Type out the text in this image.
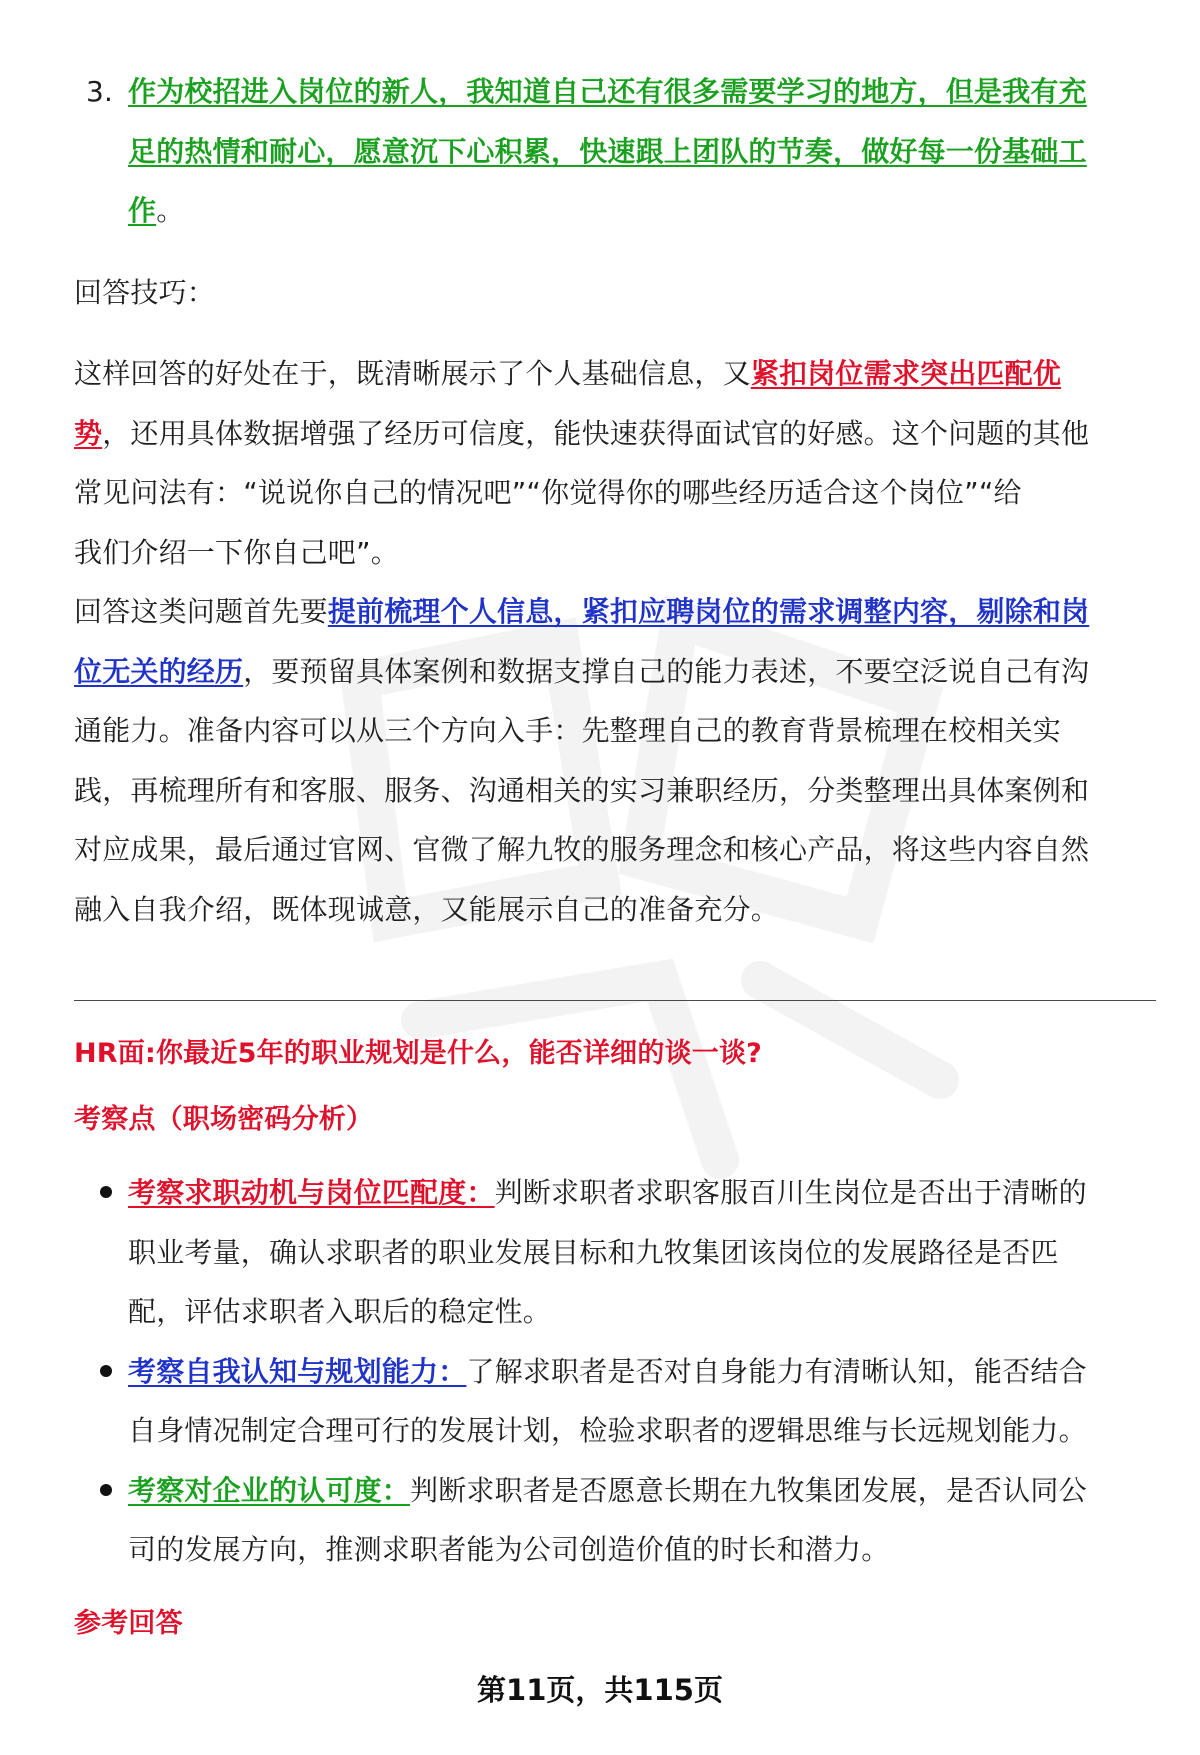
3. 作为校招进入岗位的新人，我知道自己还有很多需要学习的地方，但是我有充
足的热情和耐心，愿意沉下心积累，快速跟上团队的节奏，做好每一份基础工
作。
回答技巧：
这样回答的好处在于，既清晰展示了个人基础信息，又紧扣岗位需求突出匹配优
势，还用具体数据增强了经历可信度，能快速获得面试官的好感。这个问题的其他
常见问法有：“说说你自己的情况吧”“你觉得你的哪些经历适合这个岗位”“给
我们介绍一下你自己吧”。
回答这类问题首先要提前梳理个人信息，紧扣应聘岗位的需求调整内容，剔除和岗
位无关的经历，要预留具体案例和数据支撑自己的能力表述，不要空泛说自己有沟
通能力。准备内容可以从三个方向入手：先整理自己的教育背景梳理在校相关实
践，再梳理所有和客服、服务、沟通相关的实习兼职经历，分类整理出具体案例和
对应成果，最后通过官网、官微了解九牧的服务理念和核心产品，将这些内容自然
融入自我介绍，既体现诚意，又能展示自己的准备充分。
HR面:你最近5年的职业规划是什么，能否详细的谈一谈?
考察点（职场密码分析）
考察求职动机与岗位匹配度：判断求职者求职客服百川生岗位是否出于清晰的
职业考量，确认求职者的职业发展目标和九牧集团该岗位的发展路径是否匹
配，评估求职者入职后的稳定性。
考察自我认知与规划能力：了解求职者是否对自身能力有清晰认知，能否结合
自身情况制定合理可行的发展计划，检验求职者的逻辑思维与长远规划能力。
考察对企业的认可度：判断求职者是否愿意长期在九牧集团发展，是否认同公
司的发展方向，推测求职者能为公司创造价值的时长和潜力。
参考回答
第11页，共115页
